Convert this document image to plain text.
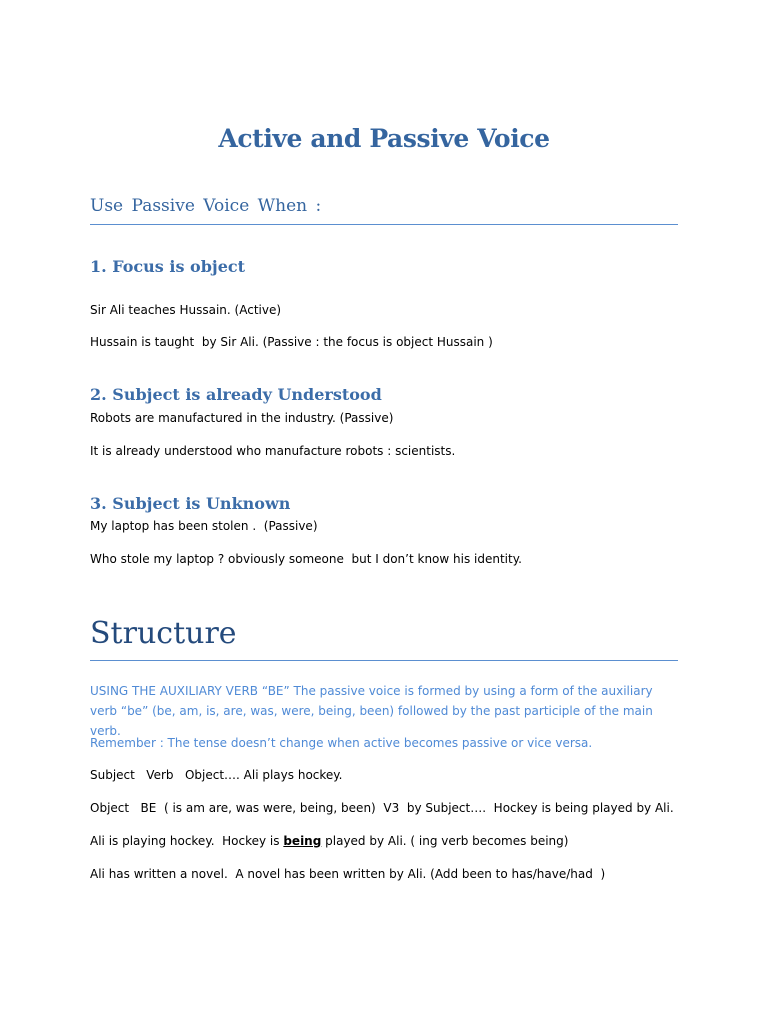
Active and Passive Voice
Use Passive Voice When :
1. Focus is object
Sir Ali teaches Hussain. (Active)
Hussain is taught  by Sir Ali. (Passive : the focus is object Hussain )
2. Subject is already Understood
Robots are manufactured in the industry. (Passive)
It is already understood who manufacture robots : scientists.
3. Subject is Unknown
My laptop has been stolen .  (Passive)
Who stole my laptop ? obviously someone  but I don’t know his identity.
Structure
USING THE AUXILIARY VERB “BE” The passive voice is formed by using a form of the auxiliary verb “be” (be, am, is, are, was, were, being, been) followed by the past participle of the main verb.
Remember : The tense doesn’t change when active becomes passive or vice versa.
Subject   Verb   Object…. Ali plays hockey.
Object   BE  ( is am are, was were, being, been)  V3  by Subject….  Hockey is being played by Ali.
Ali is playing hockey.  Hockey is being played by Ali. ( ing verb becomes being)
Ali has written a novel.  A novel has been written by Ali. (Add been to has/have/had  )
